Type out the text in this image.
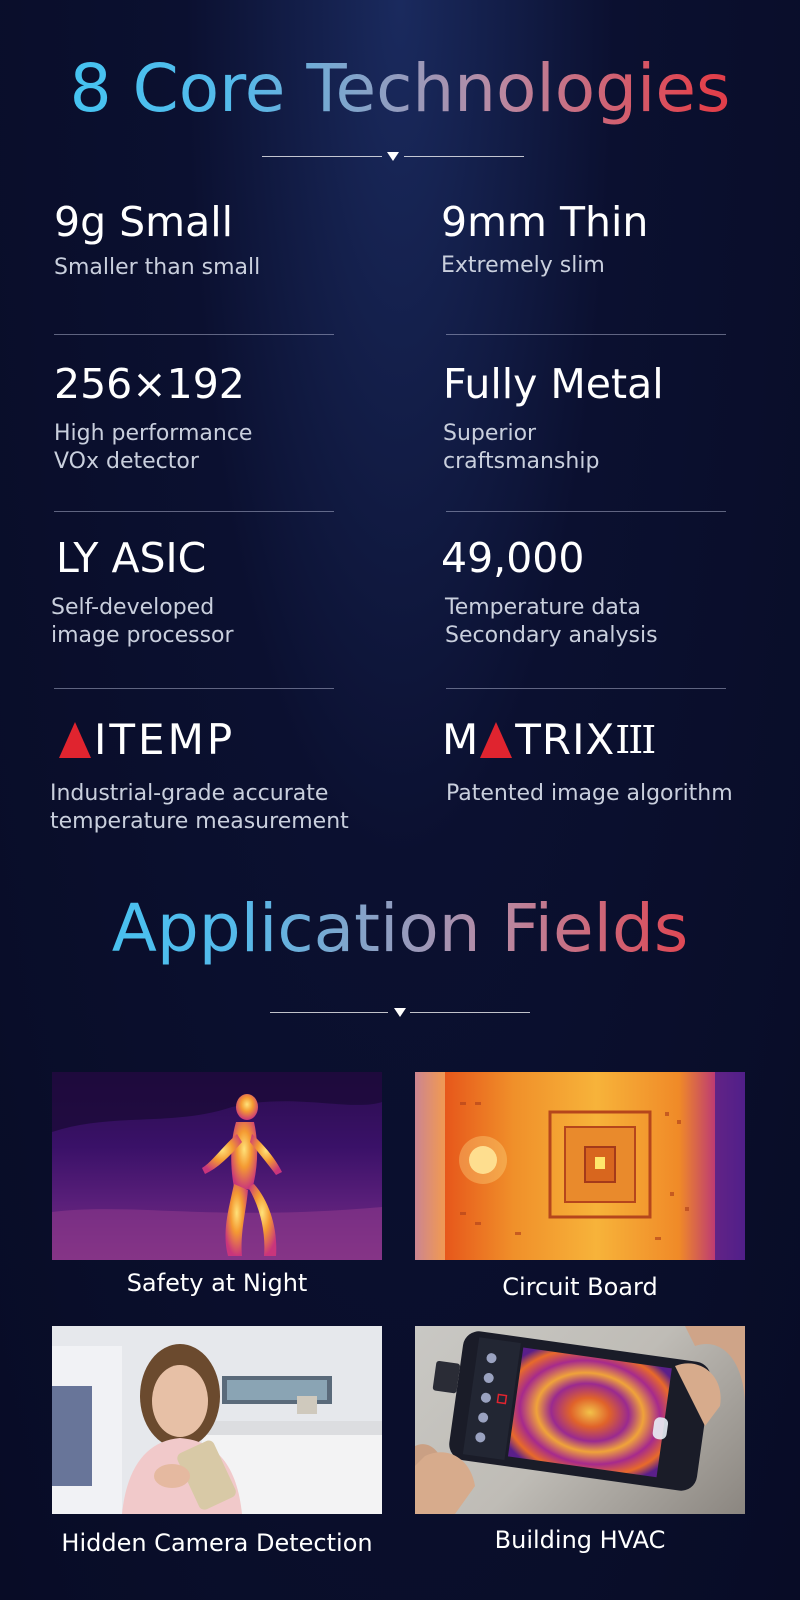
8 Core Technologies
9g Small
Smaller than small
9mm Thin
Extremely slim
256×192
High performance
VOx detector
Fully Metal
Superior
craftsmanship
LY ASIC
Self-developed
image processor
49,000
Temperature data
Secondary analysis
ITEMP
Industrial-grade accurate
temperature measurement
M TRIX III
Patented image algorithm
Application Fields
Safety at Night	Circuit Board
Hidden Camera Detection	Building HVAC
